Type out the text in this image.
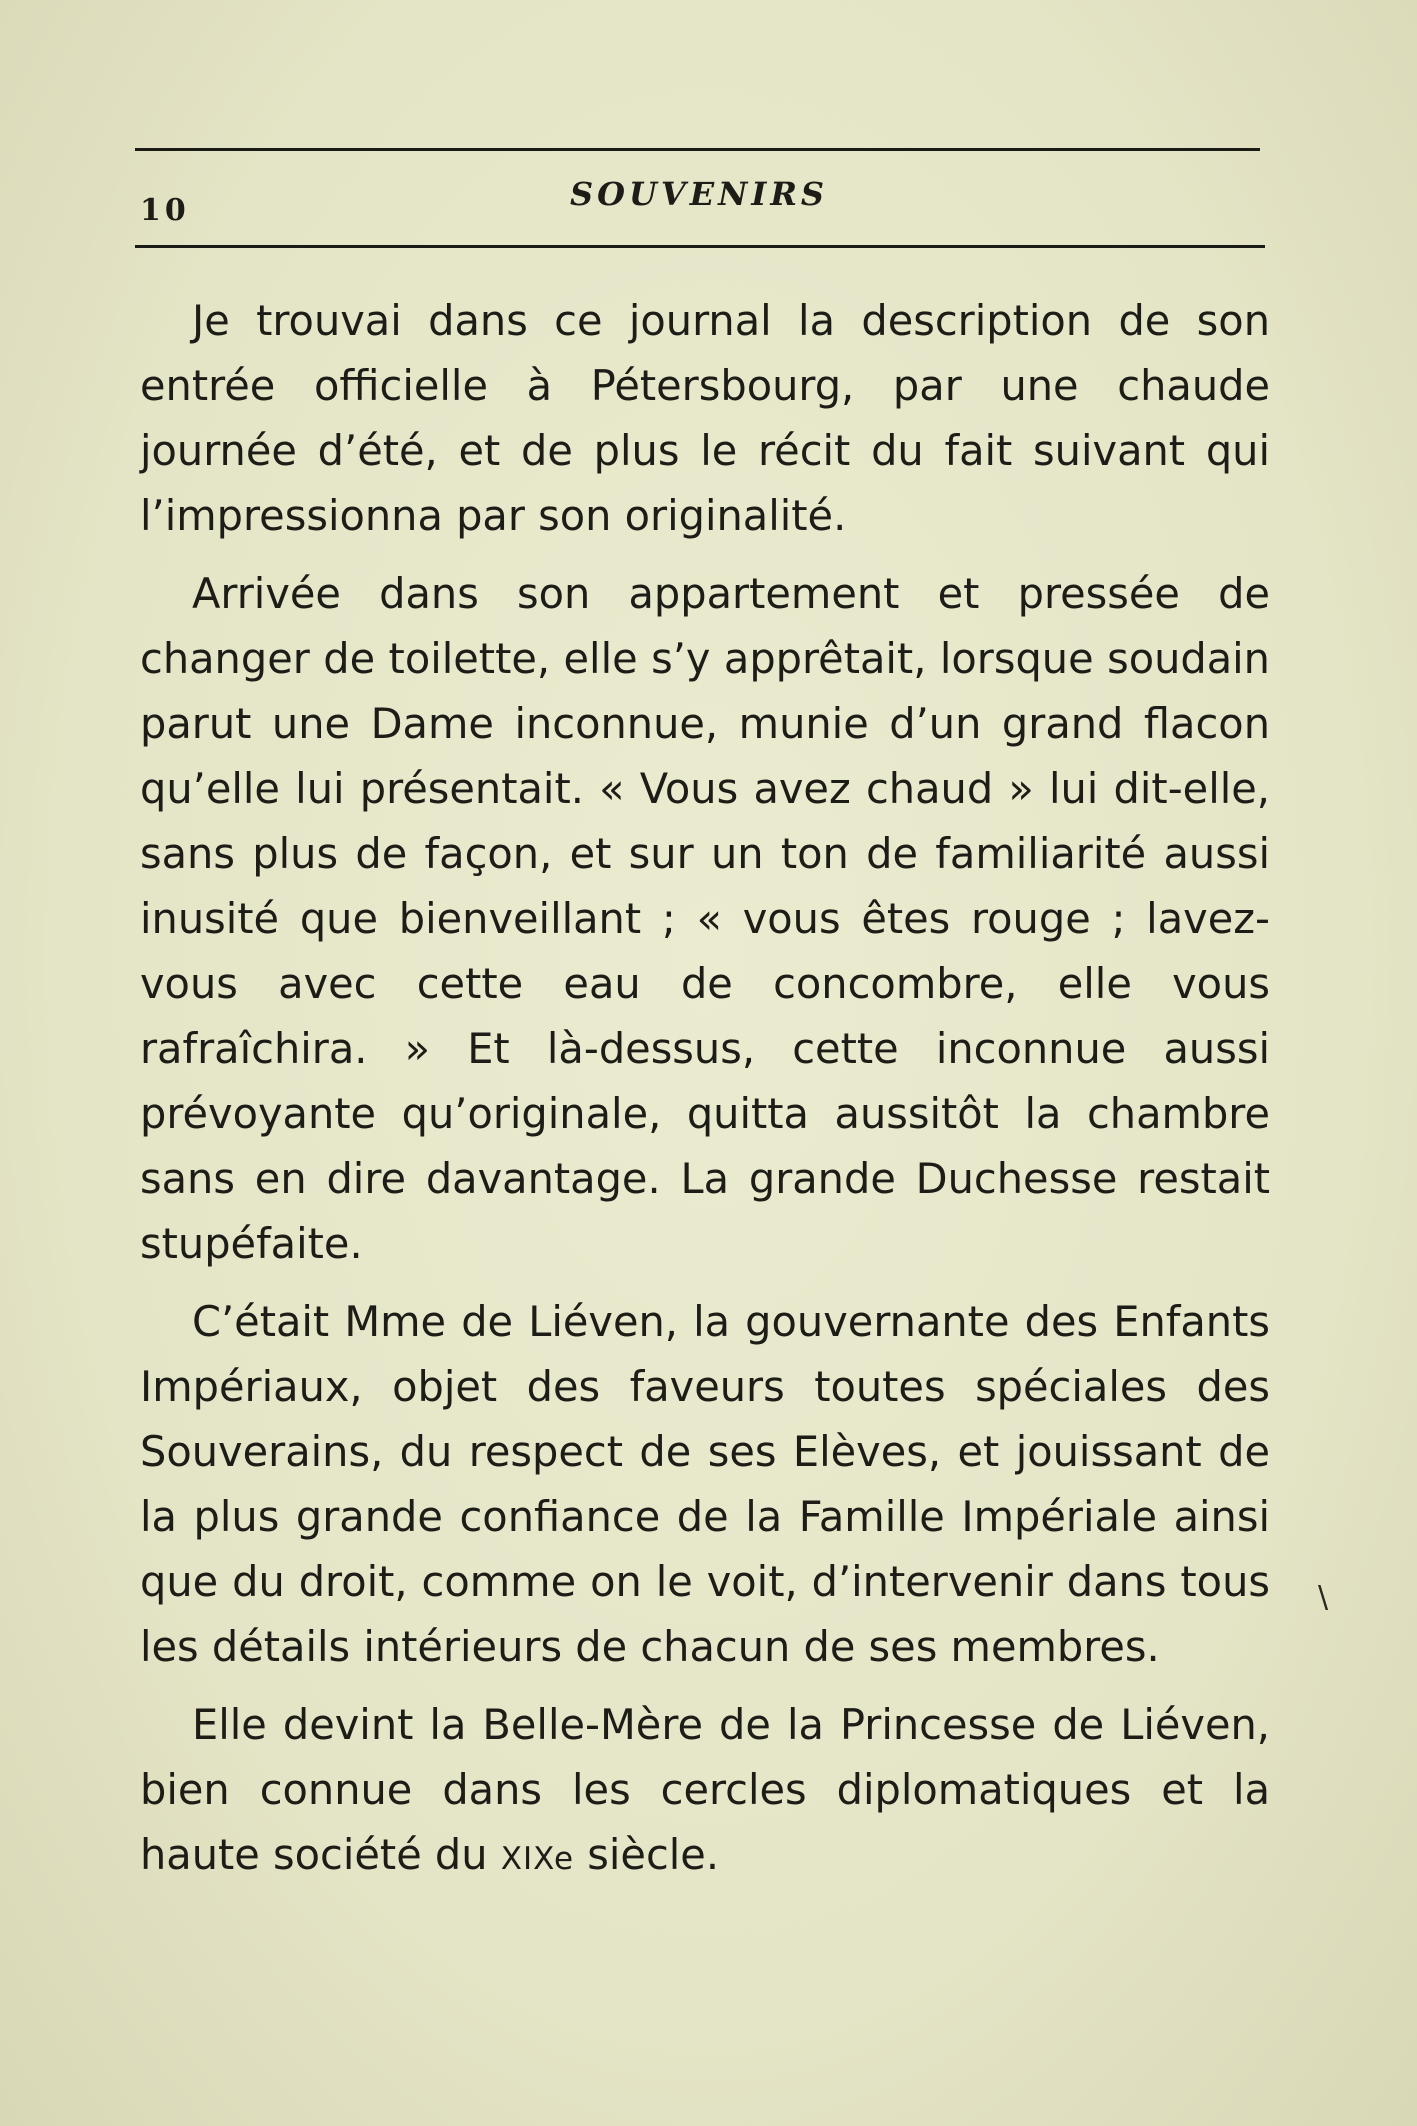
10	SOUVENIRS

Je trouvai dans ce journal la description de son entrée officielle à Pétersbourg, par une chaude journée d’été, et de plus le récit du fait suivant qui l’impressionna par son originalité.

Arrivée dans son appartement et pressée de changer de toilette, elle s’y apprêtait, lorsque soudain parut une Dame inconnue, munie d’un grand flacon qu’elle lui présentait. « Vous avez chaud » lui dit-elle, sans plus de façon, et sur un ton de familiarité aussi inusité que bienveillant ; « vous êtes rouge ; lavez-vous avec cette eau de concombre, elle vous rafraîchira. » Et là-dessus, cette inconnue aussi prévoyante qu’originale, quitta aussitôt la chambre sans en dire davantage. La grande Duchesse restait stupéfaite.

C’était Mme de Liéven, la gouvernante des Enfants Impériaux, objet des faveurs toutes spéciales des Souverains, du respect de ses Elèves, et jouissant de la plus grande confiance de la Famille Impériale ainsi que du droit, comme on le voit, d’intervenir dans tous les détails intérieurs de chacun de ses membres.

Elle devint la Belle-Mère de la Princesse de Liéven, bien connue dans les cercles diplomatiques et la haute société du XIXe siècle.

\
